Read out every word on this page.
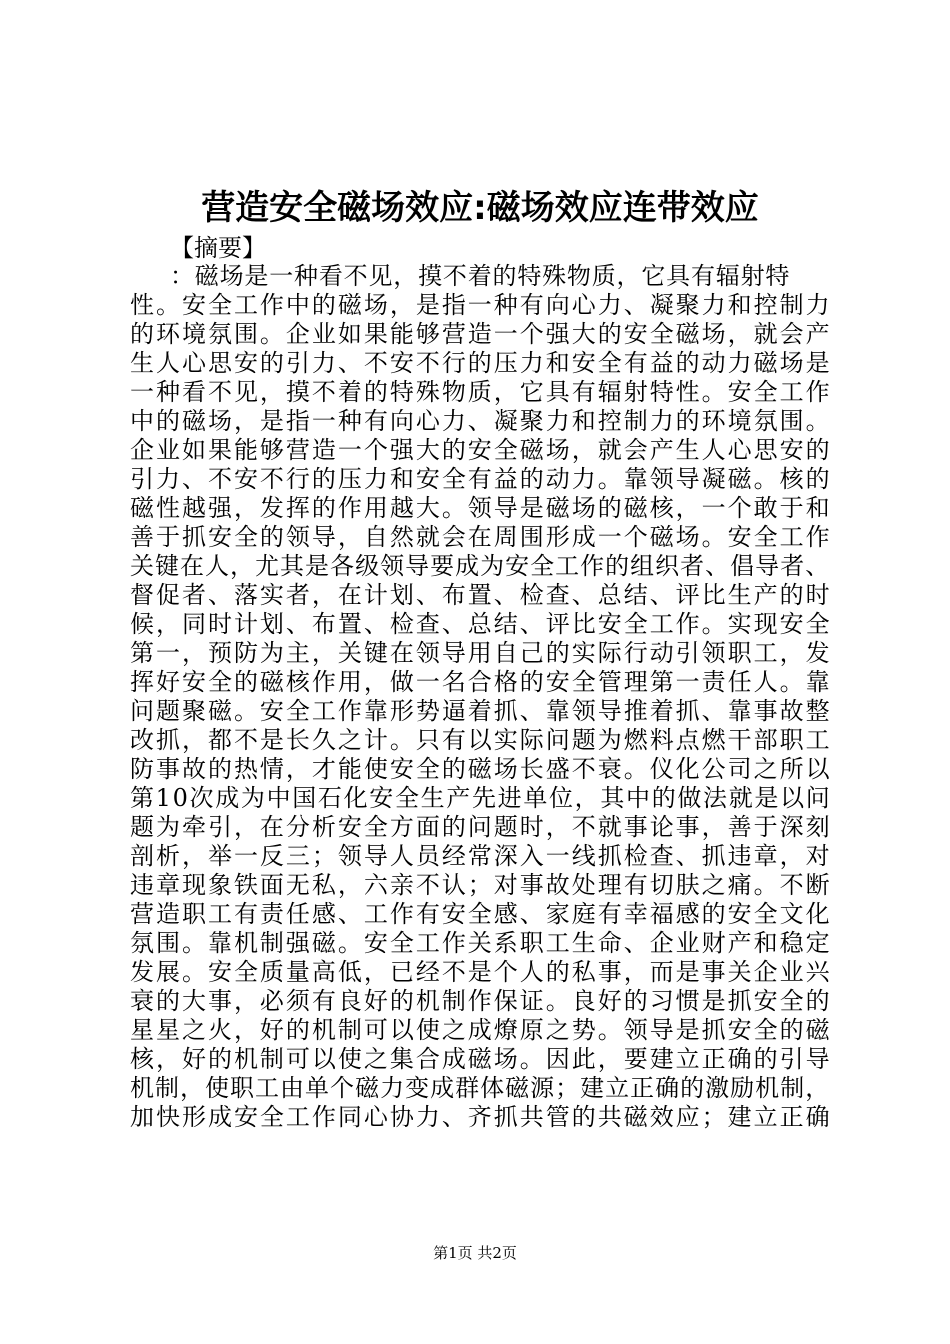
营造安全磁场效应:磁场效应连带效应

【摘要】

：磁场是一种看不见，摸不着的特殊物质，它具有辐射特
性。安全工作中的磁场，是指一种有向心力、凝聚力和控制力
的环境氛围。企业如果能够营造一个强大的安全磁场，就会产
生人心思安的引力、不安不行的压力和安全有益的动力磁场是
一种看不见，摸不着的特殊物质，它具有辐射特性。安全工作
中的磁场，是指一种有向心力、凝聚力和控制力的环境氛围。
企业如果能够营造一个强大的安全磁场，就会产生人心思安的
引力、不安不行的压力和安全有益的动力。靠领导凝磁。核的
磁性越强，发挥的作用越大。领导是磁场的磁核，一个敢于和
善于抓安全的领导，自然就会在周围形成一个磁场。安全工作
关键在人，尤其是各级领导要成为安全工作的组织者、倡导者、
督促者、落实者，在计划、布置、检查、总结、评比生产的时
候，同时计划、布置、检查、总结、评比安全工作。实现安全
第一，预防为主，关键在领导用自己的实际行动引领职工，发
挥好安全的磁核作用，做一名合格的安全管理第一责任人。靠
问题聚磁。安全工作靠形势逼着抓、靠领导推着抓、靠事故整
改抓，都不是长久之计。只有以实际问题为燃料点燃干部职工
防事故的热情，才能使安全的磁场长盛不衰。仪化公司之所以
第10次成为中国石化安全生产先进单位，其中的做法就是以问
题为牵引，在分析安全方面的问题时，不就事论事，善于深刻
剖析，举一反三；领导人员经常深入一线抓检查、抓违章，对
违章现象铁面无私，六亲不认；对事故处理有切肤之痛。不断
营造职工有责任感、工作有安全感、家庭有幸福感的安全文化
氛围。靠机制强磁。安全工作关系职工生命、企业财产和稳定
发展。安全质量高低，已经不是个人的私事，而是事关企业兴
衰的大事，必须有良好的机制作保证。良好的习惯是抓安全的
星星之火，好的机制可以使之成燎原之势。领导是抓安全的磁
核，好的机制可以使之集合成磁场。因此，要建立正确的引导
机制，使职工由单个磁力变成群体磁源；建立正确的激励机制，
加快形成安全工作同心协力、齐抓共管的共磁效应；建立正确

第1页 共2页
